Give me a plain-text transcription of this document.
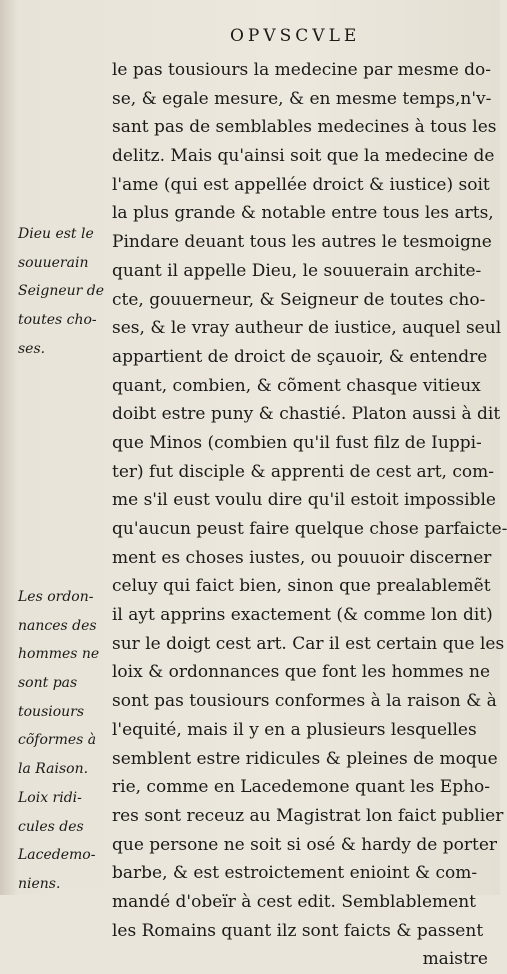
OPVSCVLE
le pas tousiours la medecine par mesme do-
se, & egale mesure, & en mesme temps,n'v-
sant pas de semblables medecines à tous les
delitz. Mais qu'ainsi soit que la medecine de
l'ame (qui est appellée droict & iustice) soit
la plus grande & notable entre tous les arts,
Pindare deuant tous les autres le tesmoigne
quant il appelle Dieu, le souuerain archite-
cte, gouuerneur, & Seigneur de toutes cho-
ses, & le vray autheur de iustice, auquel seul
appartient de droict de sçauoir, & entendre
quant, combien, & cõment chasque vitieux
doibt estre puny & chastié. Platon aussi à dit
que Minos (combien qu'il fust filz de Iuppi-
ter) fut disciple & apprenti de cest art, com-
me s'il eust voulu dire qu'il estoit impossible
qu'aucun peust faire quelque chose parfaicte-
ment es choses iustes, ou pouuoir discerner
celuy qui faict bien, sinon que prealablemẽt
il ayt apprins exactement (& comme lon dit)
sur le doigt cest art. Car il est certain que les
loix & ordonnances que font les hommes ne
sont pas tousiours conformes à la raison & à
l'equité, mais il y en a plusieurs lesquelles
semblent estre ridicules & pleines de moque
rie, comme en Lacedemone quant les Epho-
res sont receuz au Magistrat lon faict publier
que persone ne soit si osé & hardy de porter
barbe, & est estroictement enioint & com-
mandé d'obeïr à cest edit. Semblablement
les Romains quant ilz sont faicts & passent
maistre
Dieu est le
souuerain
Seigneur de
toutes cho-
ses.
Les ordon-
nances des
hommes ne
sont pas
tousiours
cõformes à
la Raison.
Loix ridi-
cules des
Lacedemo-
niens.
